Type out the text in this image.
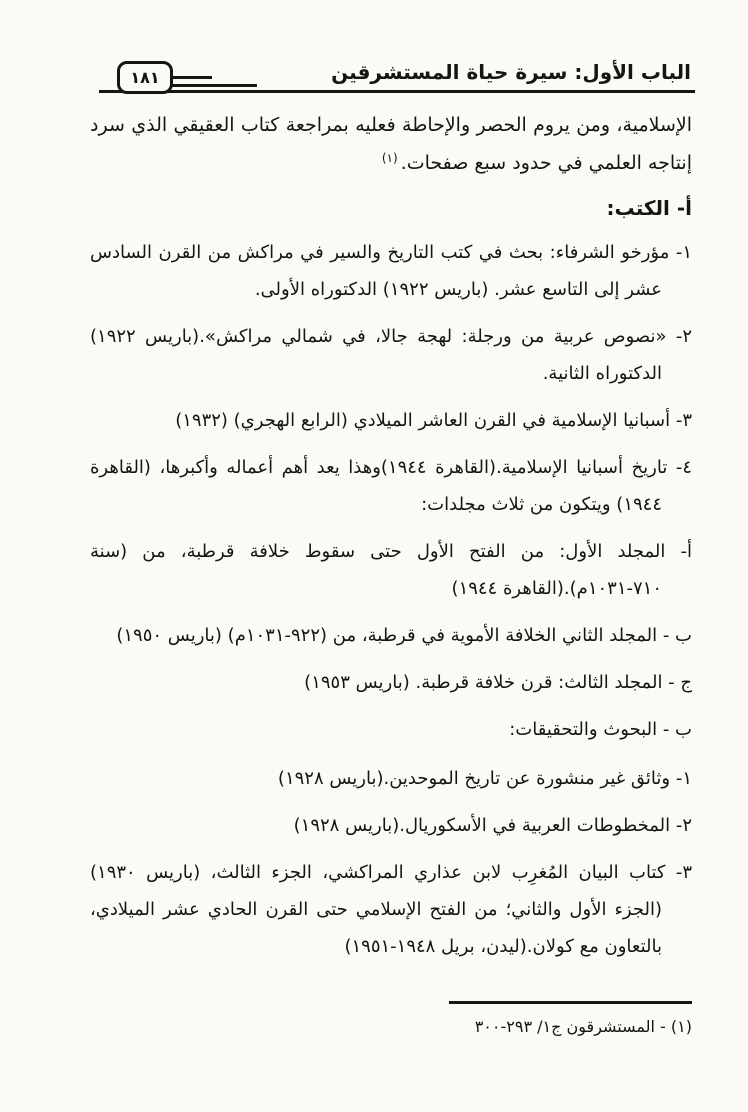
الباب الأول: سيرة حياة المستشرقين
١٨١

الإسلامية، ومن يروم الحصر والإحاطة فعليه بمراجعة كتاب العقيقي الذي سرد إنتاجه العلمي في حدود سبع صفحات.$^{(١)}$

أ- الكتب:
١- مؤرخو الشرفاء: بحث في كتب التاريخ والسير في مراكش من القرن السادس عشر إلى التاسع عشر. (باريس ١٩٢٢) الدكتوراه الأولى.
٢- «نصوص عربية من ورجلة: لهجة جالا، في شمالي مراكش».(باريس ١٩٢٢) الدكتوراه الثانية.
٣- أسبانيا الإسلامية في القرن العاشر الميلادي (الرابع الهجري) (١٩٣٢)
٤- تاريخ أسبانيا الإسلامية.(القاهرة ١٩٤٤)وهذا يعد أهم أعماله وأكبرها، (القاهرة ١٩٤٤) ويتكون من ثلاث مجلدات:
أ- المجلد الأول: من الفتح الأول حتى سقوط خلافة قرطبة، من (سنة ٧١٠-١٠٣١م).(القاهرة ١٩٤٤)
ب - المجلد الثاني الخلافة الأموية في قرطبة، من (٩٢٢-١٠٣١م) (باريس ١٩٥٠)
ج - المجلد الثالث: قرن خلافة قرطبة. (باريس ١٩٥٣)
ب - البحوث والتحقيقات:
١- وثائق غير منشورة عن تاريخ الموحدين.(باريس ١٩٢٨)
٢- المخطوطات العربية في الأسكوريال.(باريس ١٩٢٨)
٣- كتاب البيان المُغرِب لابن عذاري المراكشي، الجزء الثالث، (باريس ١٩٣٠) (الجزء الأول والثاني؛ من الفتح الإسلامي حتى القرن الحادي عشر الميلادي، بالتعاون مع كولان.(ليدن، بريل ١٩٤٨-١٩٥١)
(١) - المستشرقون ج١/ ٢٩٣-٣٠٠
